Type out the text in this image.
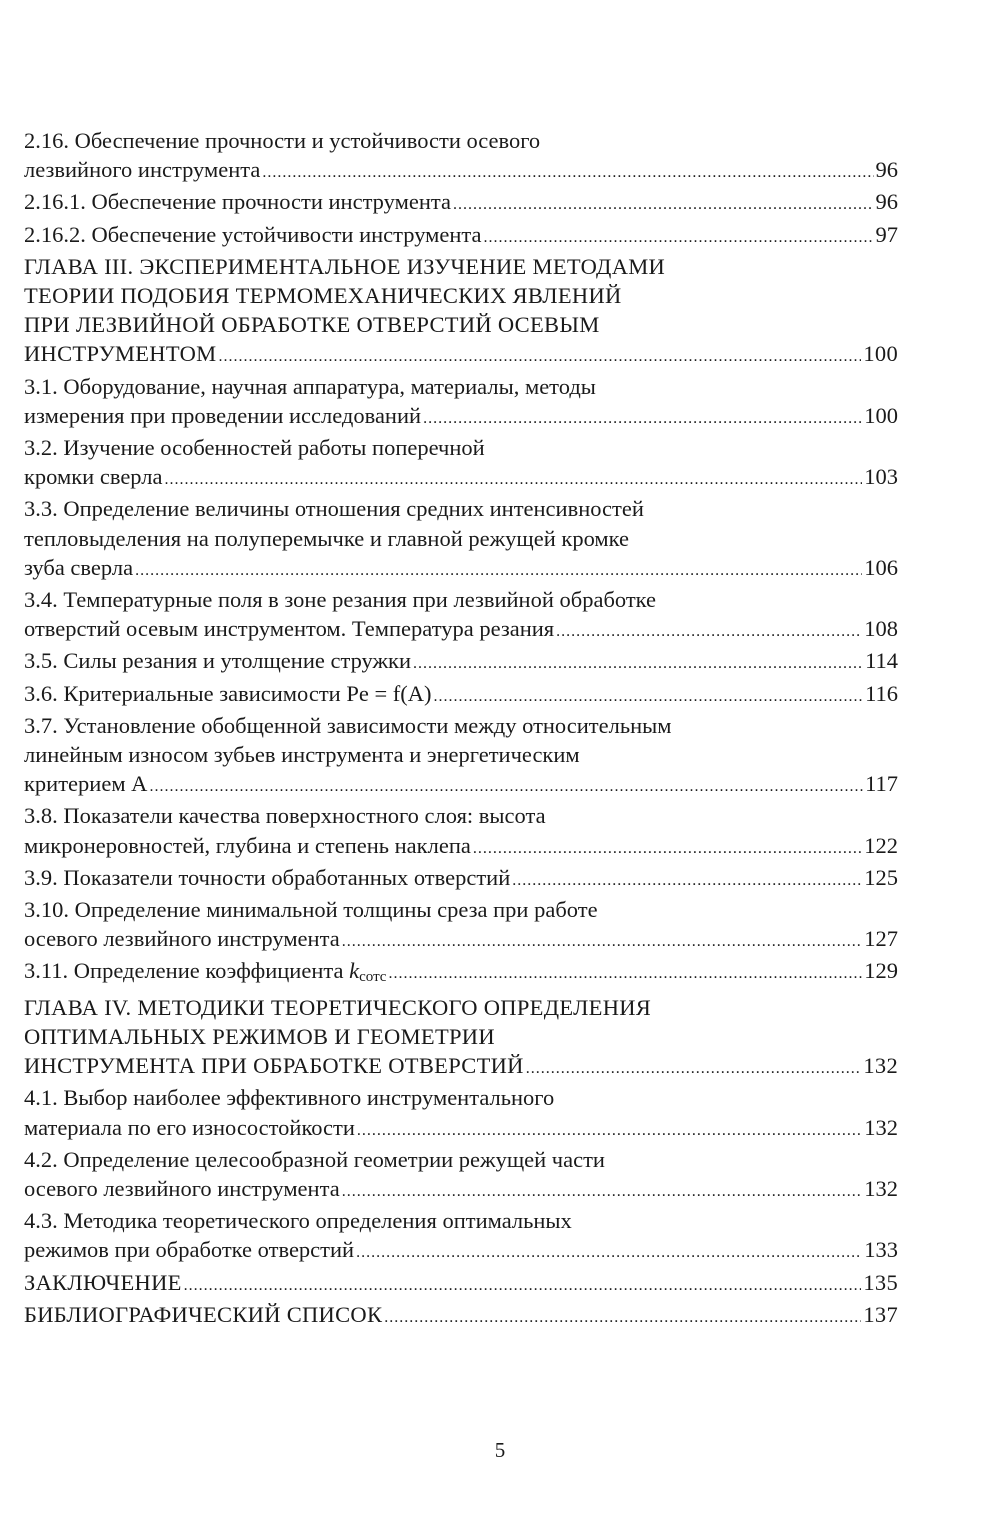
2.16. Обеспечение прочности и устойчивости осевого
лезвийного инструмента .....	96
2.16.1. Обеспечение прочности инструмента .....	96
2.16.2. Обеспечение устойчивости инструмента .....	97
ГЛАВА III. ЭКСПЕРИМЕНТАЛЬНОЕ ИЗУЧЕНИЕ МЕТОДАМИ
ТЕОРИИ ПОДОБИЯ ТЕРМОМЕХАНИЧЕСКИХ ЯВЛЕНИЙ
ПРИ ЛЕЗВИЙНОЙ ОБРАБОТКЕ ОТВЕРСТИЙ ОСЕВЫМ
ИНСТРУМЕНТОМ .....	100
3.1. Оборудование, научная аппаратура, материалы, методы
измерения при проведении исследований .....	100
3.2. Изучение особенностей работы поперечной
кромки сверла .....	103
3.3. Определение величины отношения средних интенсивностей
тепловыделения на полуперемычке и главной режущей кромке
зуба сверла .....	106
3.4. Температурные поля в зоне резания при лезвийной обработке
отверстий осевым инструментом. Температура резания .....	108
3.5. Силы резания и утолщение стружки .....	114
3.6. Критериальные зависимости Pe = f(A) .....	116
3.7. Установление обобщенной зависимости между относительным
линейным износом зубьев инструмента и энергетическим
критерием A .....	117
3.8. Показатели качества поверхностного слоя: высота
микронеровностей, глубина и степень наклепа .....	122
3.9. Показатели точности обработанных отверстий .....	125
3.10. Определение минимальной толщины среза при работе
осевого лезвийного инструмента .....	127
3.11. Определение коэффициента $k_{сотс}$ .....	129
ГЛАВА IV. МЕТОДИКИ ТЕОРЕТИЧЕСКОГО ОПРЕДЕЛЕНИЯ
ОПТИМАЛЬНЫХ РЕЖИМОВ И ГЕОМЕТРИИ
ИНСТРУМЕНТА ПРИ ОБРАБОТКЕ ОТВЕРСТИЙ .....	132
4.1. Выбор наиболее эффективного инструментального
материала по его износостойкости .....	132
4.2. Определение целесообразной геометрии режущей части
осевого лезвийного инструмента .....	132
4.3. Методика теоретического определения оптимальных
режимов при обработке отверстий .....	133
ЗАКЛЮЧЕНИЕ .....	135
БИБЛИОГРАФИЧЕСКИЙ СПИСОК .....	137
5
